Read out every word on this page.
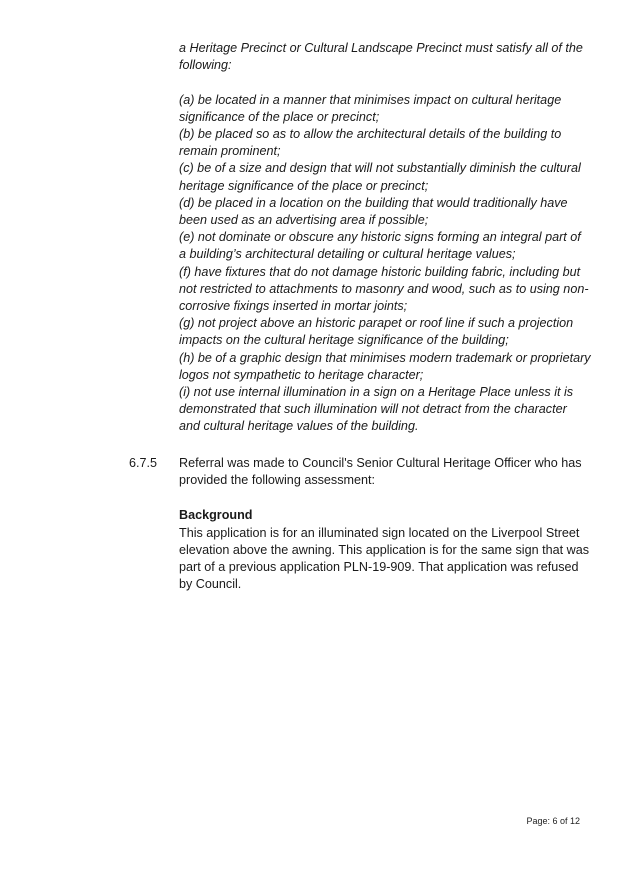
a Heritage Precinct or Cultural Landscape Precinct must satisfy all of the following:

(a) be located in a manner that minimises impact on cultural heritage significance of the place or precinct;

(b) be placed so as to allow the architectural details of the building to remain prominent;

(c) be of a size and design that will not substantially diminish the cultural heritage significance of the place or precinct;

(d) be placed in a location on the building that would traditionally have been used as an advertising area if possible;

(e) not dominate or obscure any historic signs forming an integral part of a building’s architectural detailing or cultural heritage values;

(f) have fixtures that do not damage historic building fabric, including but not restricted to attachments to masonry and wood, such as to using non-corrosive fixings inserted in mortar joints;

(g) not project above an historic parapet or roof line if such a projection impacts on the cultural heritage significance of the building;

(h) be of a graphic design that minimises modern trademark or proprietary logos not sympathetic to heritage character;

(i) not use internal illumination in a sign on a Heritage Place unless it is demonstrated that such illumination will not detract from the character and cultural heritage values of the building.

6.7.5 Referral was made to Council's Senior Cultural Heritage Officer who has provided the following assessment:

Background

This application is for an illuminated sign located on the Liverpool Street elevation above the awning. This application is for the same sign that was part of a previous application PLN-19-909. That application was refused by Council.

Page: 6 of 12
